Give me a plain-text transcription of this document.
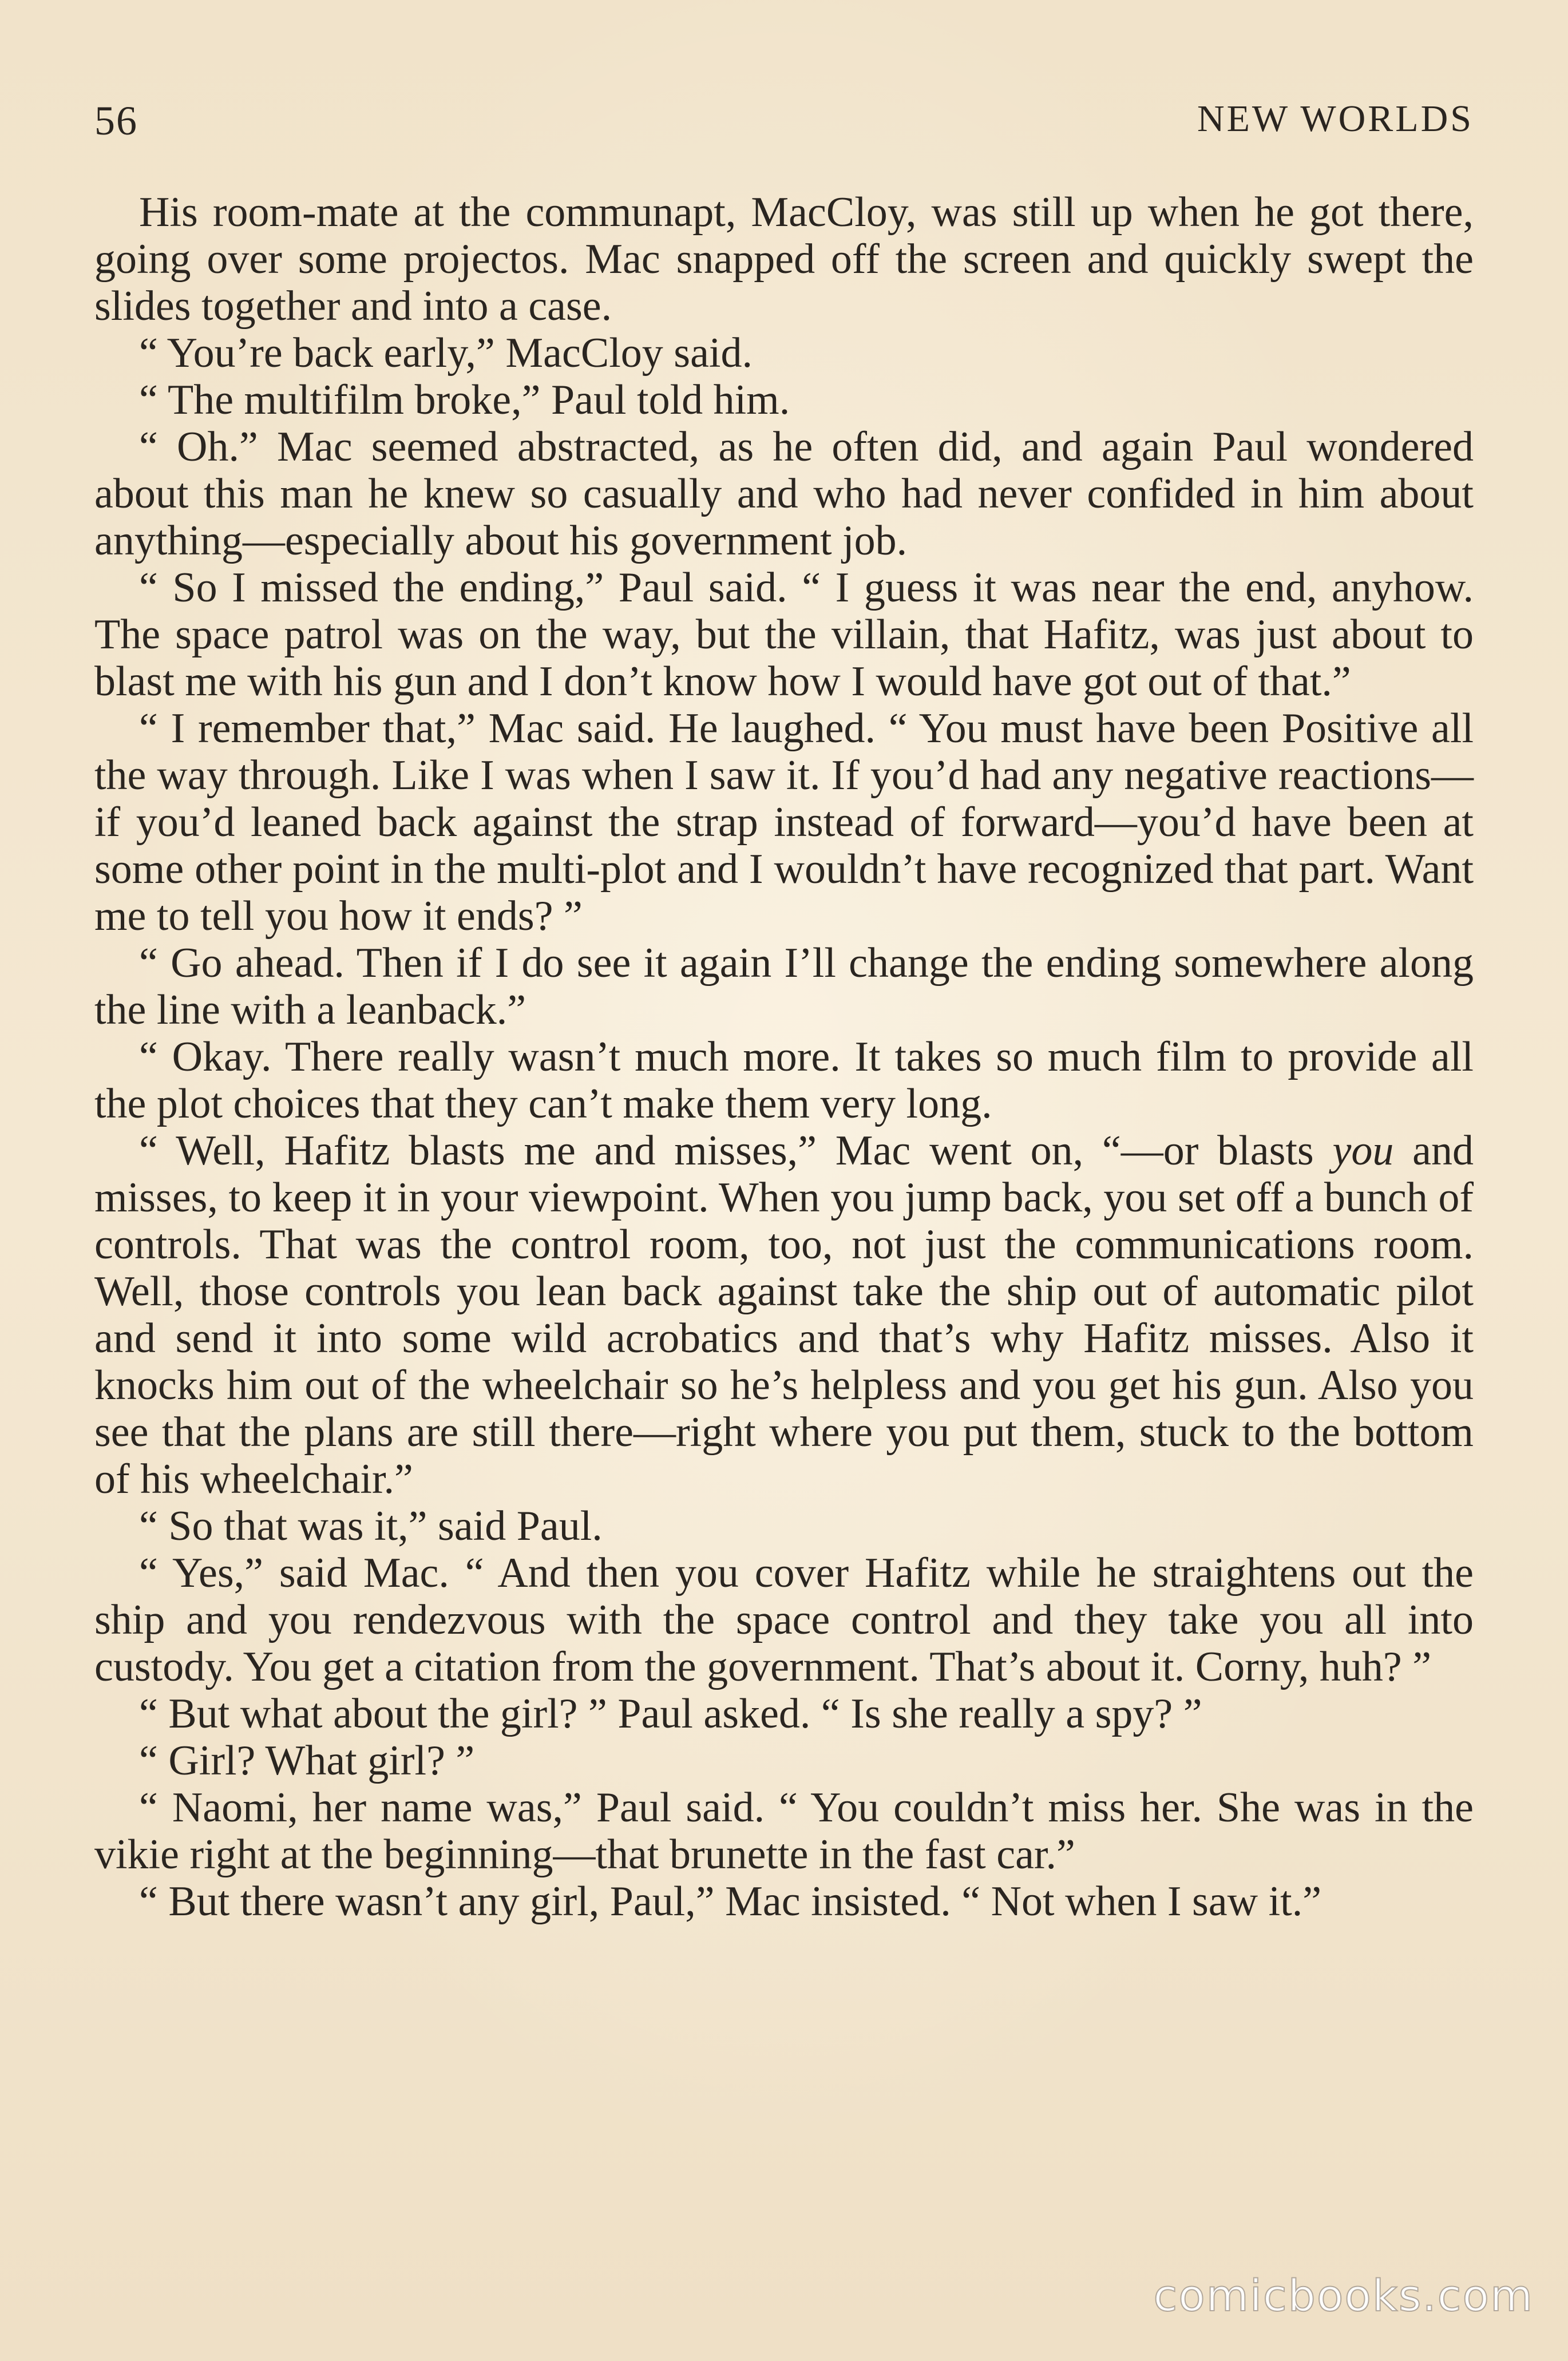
56	NEW WORLDS

His room-mate at the communapt, MacCloy, was still up when he got there, going over some projectos. Mac snapped off the screen and quickly swept the slides together and into a case.

“ You’re back early,” MacCloy said.

“ The multifilm broke,” Paul told him.

“ Oh.” Mac seemed abstracted, as he often did, and again Paul wondered about this man he knew so casually and who had never confided in him about anything—especially about his government job.

“ So I missed the ending,” Paul said. “ I guess it was near the end, anyhow. The space patrol was on the way, but the villain, that Hafitz, was just about to blast me with his gun and I don’t know how I would have got out of that.”

“ I remember that,” Mac said. He laughed. “ You must have been Positive all the way through. Like I was when I saw it. If you’d had any negative reactions—if you’d leaned back against the strap instead of forward—you’d have been at some other point in the multi-plot and I wouldn’t have recognized that part. Want me to tell you how it ends? ”

“ Go ahead. Then if I do see it again I’ll change the ending somewhere along the line with a leanback.”

“ Okay. There really wasn’t much more. It takes so much film to provide all the plot choices that they can’t make them very long.

“ Well, Hafitz blasts me and misses,” Mac went on, “—or blasts you and misses, to keep it in your viewpoint. When you jump back, you set off a bunch of controls. That was the control room, too, not just the communications room. Well, those controls you lean back against take the ship out of automatic pilot and send it into some wild acrobatics and that’s why Hafitz misses. Also it knocks him out of the wheelchair so he’s helpless and you get his gun. Also you see that the plans are still there—right where you put them, stuck to the bottom of his wheelchair.”

“ So that was it,” said Paul.

“ Yes,” said Mac. “ And then you cover Hafitz while he straightens out the ship and you rendezvous with the space control and they take you all into custody. You get a citation from the government. That’s about it. Corny, huh? ”

“ But what about the girl? ” Paul asked. “ Is she really a spy? ”

“ Girl? What girl? ”

“ Naomi, her name was,” Paul said. “ You couldn’t miss her. She was in the vikie right at the beginning—that brunette in the fast car.”

“ But there wasn’t any girl, Paul,” Mac insisted. “ Not when I saw it.”

comicbooks.com
